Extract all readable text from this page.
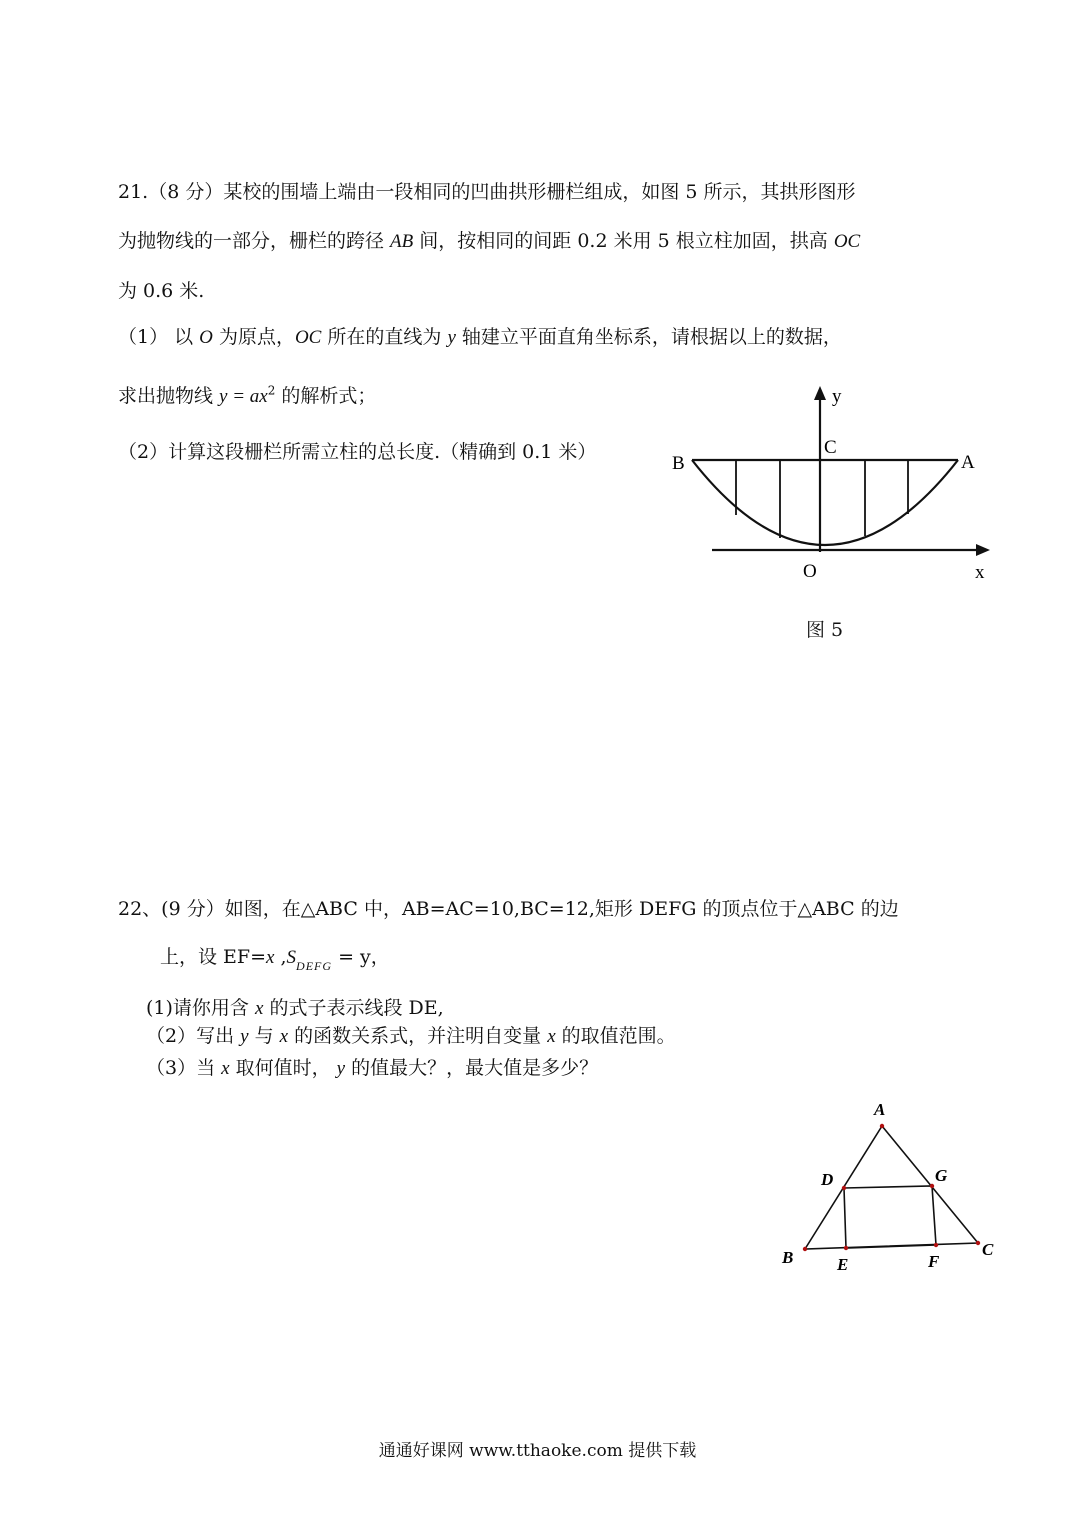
21.（8 分）某校的围墙上端由一段相同的凹曲拱形栅栏组成，如图 5 所示，其拱形图形
为抛物线的一部分，栅栏的跨径 AB 间，按相同的间距 0.2 米用 5 根立柱加固，拱高 OC
为 0.6 米.
（1） 以 O 为原点，OC 所在的直线为 y 轴建立平面直角坐标系，请根据以上的数据，
求出抛物线 $y = ax^2$ 的解析式；
（2）计算这段栅栏所需立柱的总长度.（精确到 0.1 米）
y
C
B	A
O	x
图 5
22、(9 分）如图，在△ABC 中，AB=AC=10,BC=12,矩形 DEFG 的顶点位于△ABC 的边
上，设 EF=x $,S_{DEFG} = y$，
(1)请你用含 x 的式子表示线段 DE,
（2）写出 y 与 x 的函数关系式，并注明自变量 x 的取值范围。
（3）当 x 取何值时， y 的值最大？，最大值是多少？
A
D	G
B	E	F
C
通通好课网 www.tthaoke.com 提供下载
